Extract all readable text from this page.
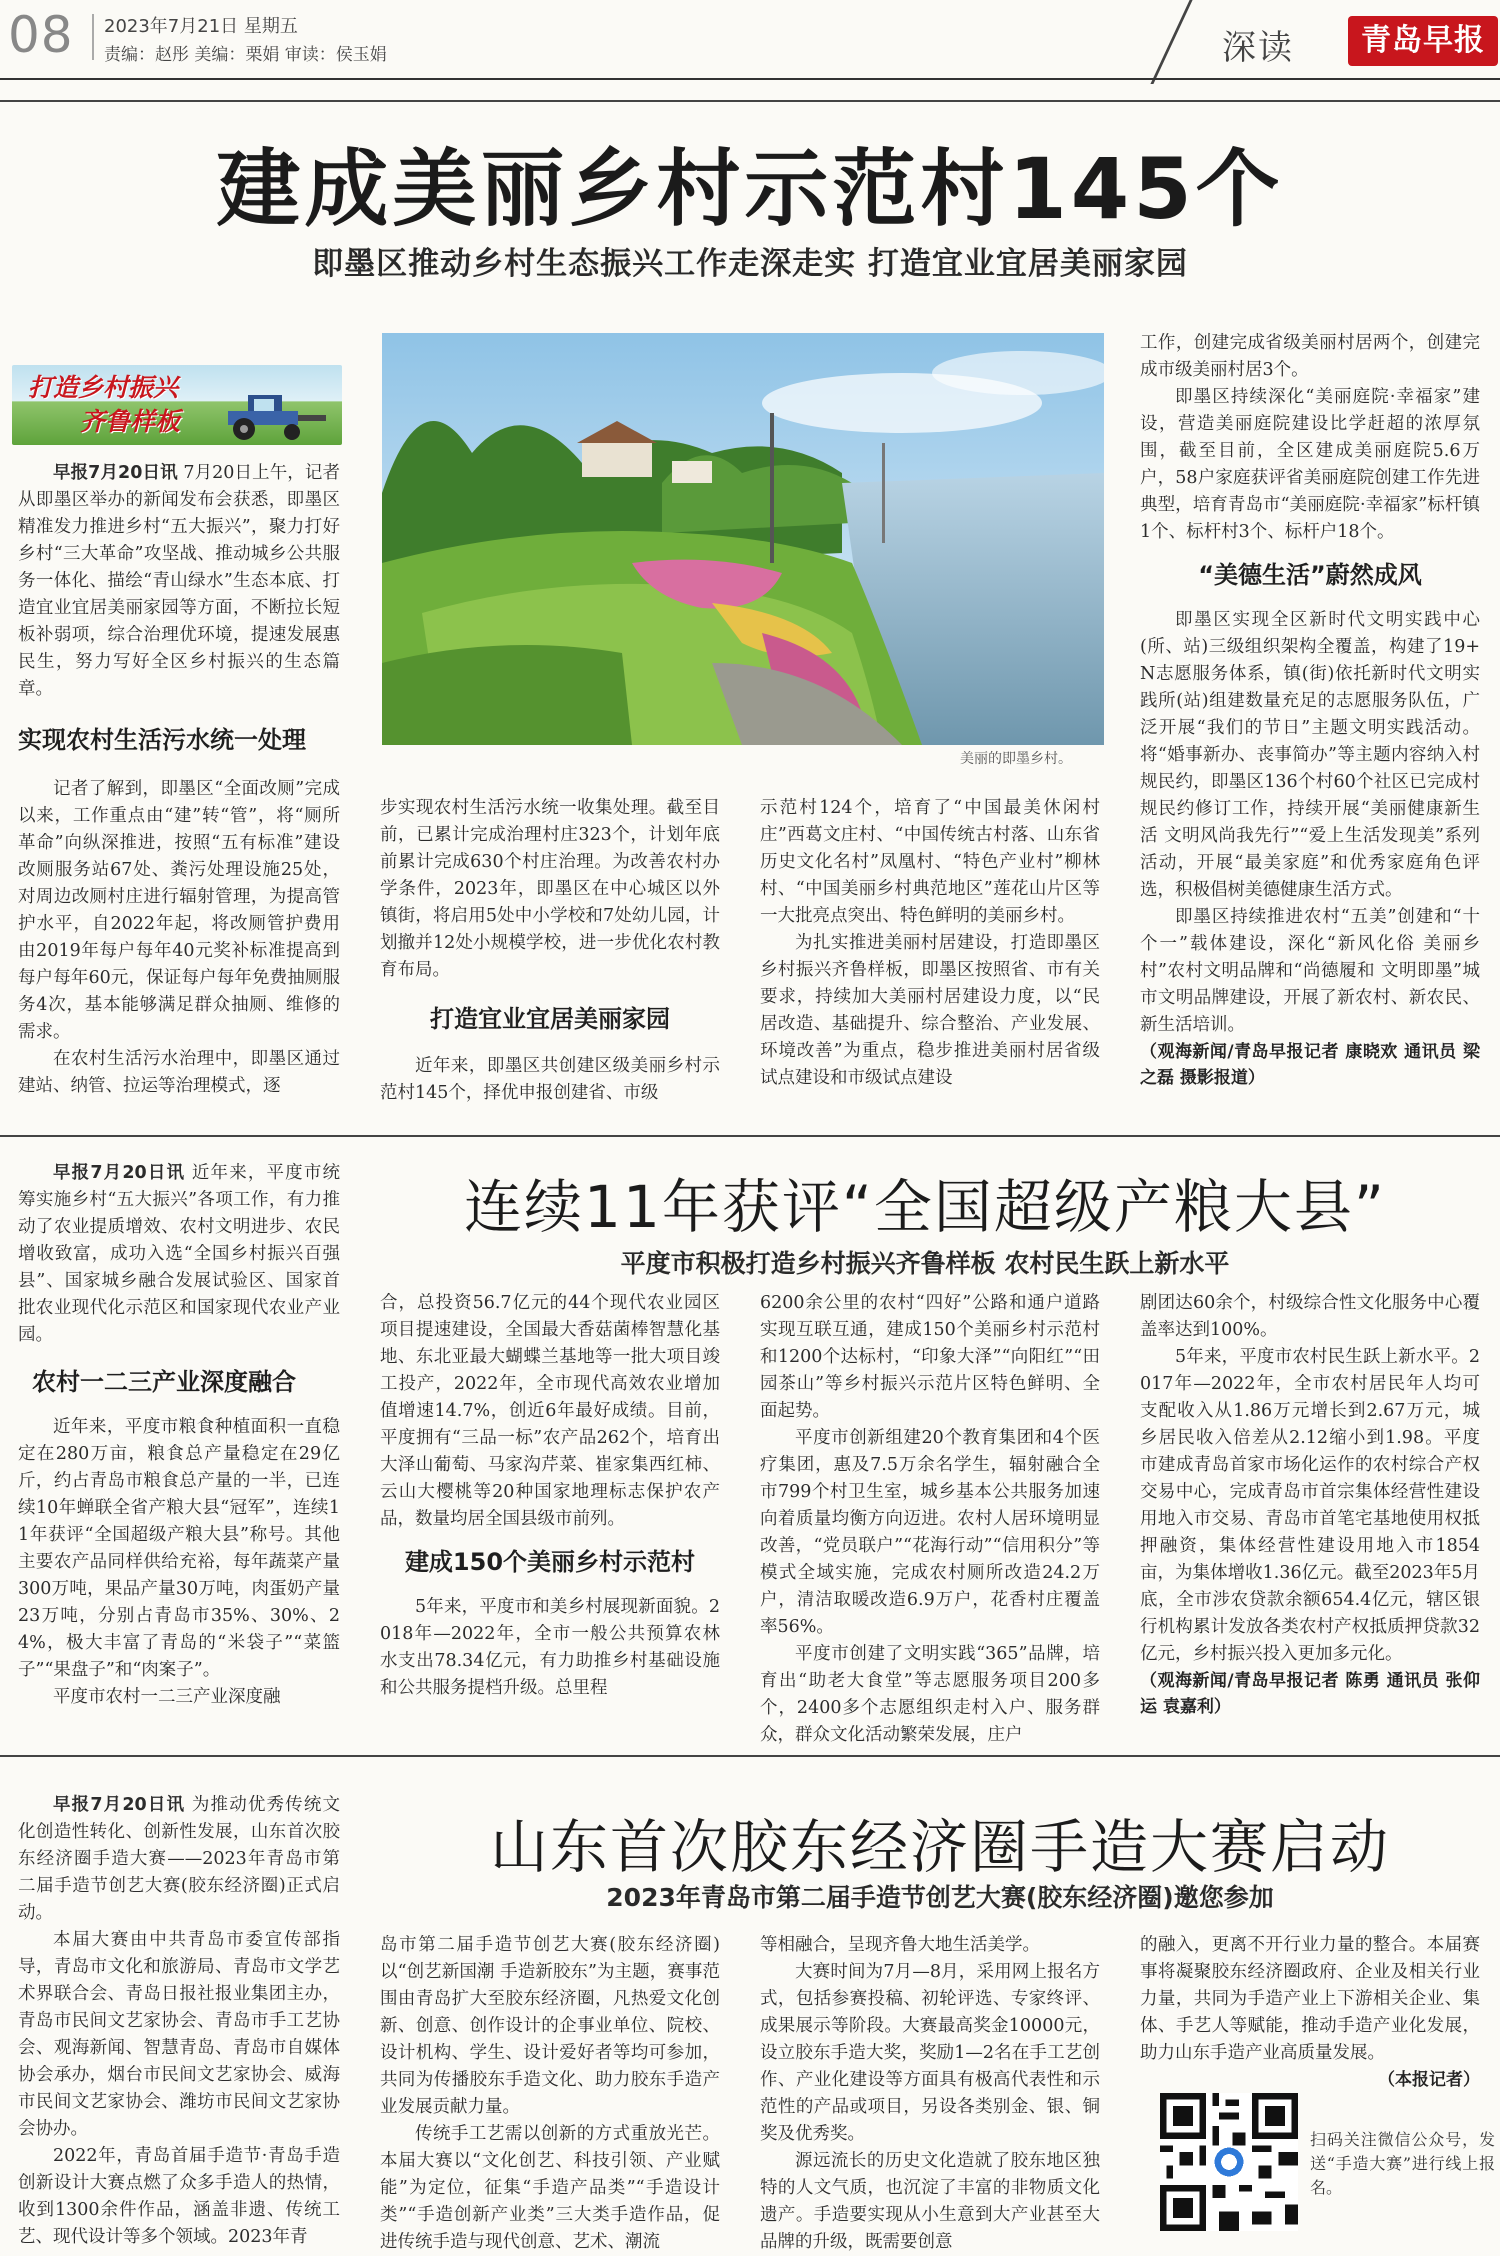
08 2023年7月21日 星期五
责编：赵彤 美编：栗娟 审读：侯玉娟	深读	青岛早报
建成美丽乡村示范村145个
即墨区推动乡村生态振兴工作走深走实 打造宜业宜居美丽家园
打造乡村振兴
齐鲁样板
美丽的即墨乡村。

早报7月20日讯 7月20日上午，记者从即墨区举办的新闻发布会获悉，即墨区精准发力推进乡村“五大振兴”，聚力打好乡村“三大革命”攻坚战、推动城乡公共服务一体化、描绘“青山绿水”生态本底、打造宜业宜居美丽家园等方面，不断拉长短板补弱项，综合治理优环境，提速发展惠民生，努力写好全区乡村振兴的生态篇章。

实现农村生活污水统一处理

记者了解到，即墨区“全面改厕”完成以来，工作重点由“建”转“管”，将“厕所革命”向纵深推进，按照“五有标准”建设改厕服务站67处、粪污处理设施25处，对周边改厕村庄进行辐射管理，为提高管护水平，自2022年起，将改厕管护费用由2019年每户每年40元奖补标准提高到每户每年60元，保证每户每年免费抽厕服务4次，基本能够满足群众抽厕、维修的需求。

在农村生活污水治理中，即墨区通过建站、纳管、拉运等治理模式，逐

步实现农村生活污水统一收集处理。截至目前，已累计完成治理村庄323个，计划年底前累计完成630个村庄治理。为改善农村办学条件，2023年，即墨区在中心城区以外镇街，将启用5处中小学校和7处幼儿园，计划撤并12处小规模学校，进一步优化农村教育布局。

打造宜业宜居美丽家园

近年来，即墨区共创建区级美丽乡村示范村145个，择优申报创建省、市级

示范村124个，培育了“中国最美休闲村庄”西葛文庄村、“中国传统古村落、山东省历史文化名村”凤凰村、“特色产业村”柳林村、“中国美丽乡村典范地区”莲花山片区等一大批亮点突出、特色鲜明的美丽乡村。

为扎实推进美丽村居建设，打造即墨区乡村振兴齐鲁样板，即墨区按照省、市有关要求，持续加大美丽村居建设力度，以“民居改造、基础提升、综合整治、产业发展、环境改善”为重点，稳步推进美丽村居省级试点建设和市级试点建设

工作，创建完成省级美丽村居两个，创建完成市级美丽村居3个。

即墨区持续深化“美丽庭院·幸福家”建设，营造美丽庭院建设比学赶超的浓厚氛围，截至目前，全区建成美丽庭院5.6万户，58户家庭获评省美丽庭院创建工作先进典型，培育青岛市“美丽庭院·幸福家”标杆镇1个、标杆村3个、标杆户18个。

“美德生活”蔚然成风

即墨区实现全区新时代文明实践中心(所、站)三级组织架构全覆盖，构建了19+N志愿服务体系，镇(街)依托新时代文明实践所(站)组建数量充足的志愿服务队伍，广泛开展“我们的节日”主题文明实践活动。将“婚事新办、丧事简办”等主题内容纳入村规民约，即墨区136个村60个社区已完成村规民约修订工作，持续开展“美丽健康新生活 文明风尚我先行”“爱上生活发现美”系列活动，开展“最美家庭”和优秀家庭角色评选，积极倡树美德健康生活方式。

即墨区持续推进农村“五美”创建和“十个一”载体建设，深化“新风化俗 美丽乡村”农村文明品牌和“尚德履和 文明即墨”城市文明品牌建设，开展了新农村、新农民、新生活培训。

（观海新闻/青岛早报记者 康晓欢 通讯员 梁之磊 摄影报道）
连续11年获评“全国超级产粮大县”
平度市积极打造乡村振兴齐鲁样板 农村民生跃上新水平

早报7月20日讯 近年来，平度市统筹实施乡村“五大振兴”各项工作，有力推动了农业提质增效、农村文明进步、农民增收致富，成功入选“全国乡村振兴百强县”、国家城乡融合发展试验区、国家首批农业现代化示范区和国家现代农业产业园。

农村一二三产业深度融合

近年来，平度市粮食种植面积一直稳定在280万亩，粮食总产量稳定在29亿斤，约占青岛市粮食总产量的一半，已连续10年蝉联全省产粮大县“冠军”，连续11年获评“全国超级产粮大县”称号。其他主要农产品同样供给充裕，每年蔬菜产量300万吨，果品产量30万吨，肉蛋奶产量23万吨，分别占青岛市35%、30%、24%，极大丰富了青岛的“米袋子”“菜篮子”“果盘子”和“肉案子”。

平度市农村一二三产业深度融

合，总投资56.7亿元的44个现代农业园区项目提速建设，全国最大香菇菌棒智慧化基地、东北亚最大蝴蝶兰基地等一批大项目竣工投产，2022年，全市现代高效农业增加值增速14.7%，创近6年最好成绩。目前，平度拥有“三品一标”农产品262个，培育出大泽山葡萄、马家沟芹菜、崔家集西红柿、云山大樱桃等20种国家地理标志保护农产品，数量均居全国县级市前列。

建成150个美丽乡村示范村

5年来，平度市和美乡村展现新面貌。2018年—2022年，全市一般公共预算农林水支出78.34亿元，有力助推乡村基础设施和公共服务提档升级。总里程

6200余公里的农村“四好”公路和通户道路实现互联互通，建成150个美丽乡村示范村和1200个达标村，“印象大泽”“向阳红”“田园茶山”等乡村振兴示范片区特色鲜明、全面起势。

平度市创新组建20个教育集团和4个医疗集团，惠及7.5万余名学生，辐射融合全市799个村卫生室，城乡基本公共服务加速向着质量均衡方向迈进。农村人居环境明显改善，“党员联户”“花海行动”“信用积分”等模式全域实施，完成农村厕所改造24.2万户，清洁取暖改造6.9万户，花香村庄覆盖率56%。

平度市创建了文明实践“365”品牌，培育出“助老大食堂”等志愿服务项目200多个，2400多个志愿组织走村入户、服务群众，群众文化活动繁荣发展，庄户

剧团达60余个，村级综合性文化服务中心覆盖率达到100%。

5年来，平度市农村民生跃上新水平。2017年—2022年，全市农村居民年人均可支配收入从1.86万元增长到2.67万元，城乡居民收入倍差从2.12缩小到1.98。平度市建成青岛首家市场化运作的农村综合产权交易中心，完成青岛市首宗集体经营性建设用地入市交易、青岛市首笔宅基地使用权抵押融资，集体经营性建设用地入市1854亩，为集体增收1.36亿元。截至2023年5月底，全市涉农贷款余额654.4亿元，辖区银行机构累计发放各类农村产权抵质押贷款32亿元，乡村振兴投入更加多元化。

（观海新闻/青岛早报记者 陈勇 通讯员 张仰运 袁嘉利）
山东首次胶东经济圈手造大赛启动
2023年青岛市第二届手造节创艺大赛(胶东经济圈)邀您参加

早报7月20日讯 为推动优秀传统文化创造性转化、创新性发展，山东首次胶东经济圈手造大赛——2023年青岛市第二届手造节创艺大赛(胶东经济圈)正式启动。

本届大赛由中共青岛市委宣传部指导，青岛市文化和旅游局、青岛市文学艺术界联合会、青岛日报社报业集团主办，青岛市民间文艺家协会、青岛市手工艺协会、观海新闻、智慧青岛、青岛市自媒体协会承办，烟台市民间文艺家协会、威海市民间文艺家协会、潍坊市民间文艺家协会协办。

2022年，青岛首届手造节·青岛手造创新设计大赛点燃了众多手造人的热情，收到1300余件作品，涵盖非遗、传统工艺、现代设计等多个领域。2023年青

岛市第二届手造节创艺大赛(胶东经济圈)以“创艺新国潮 手造新胶东”为主题，赛事范围由青岛扩大至胶东经济圈，凡热爱文化创新、创意、创作设计的企事业单位、院校、设计机构、学生、设计爱好者等均可参加，共同为传播胶东手造文化、助力胶东手造产业发展贡献力量。

传统手工艺需以创新的方式重放光芒。本届大赛以“文化创艺、科技引领、产业赋能”为定位，征集“手造产品类”“手造设计类”“手造创新产业类”三大类手造作品，促进传统手造与现代创意、艺术、潮流

等相融合，呈现齐鲁大地生活美学。

大赛时间为7月—8月，采用网上报名方式，包括参赛投稿、初轮评选、专家终评、成果展示等阶段。大赛最高奖金10000元，设立胶东手造大奖，奖励1—2名在手工艺创作、产业化建设等方面具有极高代表性和示范性的产品或项目，另设各类别金、银、铜奖及优秀奖。

源远流长的历史文化造就了胶东地区独特的人文气质，也沉淀了丰富的非物质文化遗产。手造要实现从小生意到大产业甚至大品牌的升级，既需要创意

的融入，更离不开行业力量的整合。本届赛事将凝聚胶东经济圈政府、企业及相关行业力量，共同为手造产业上下游相关企业、集体、手艺人等赋能，推动手造产业化发展，助力山东手造产业高质量发展。

（本报记者）
扫码关注微信公众号，发送“手造大赛”进行线上报名。
